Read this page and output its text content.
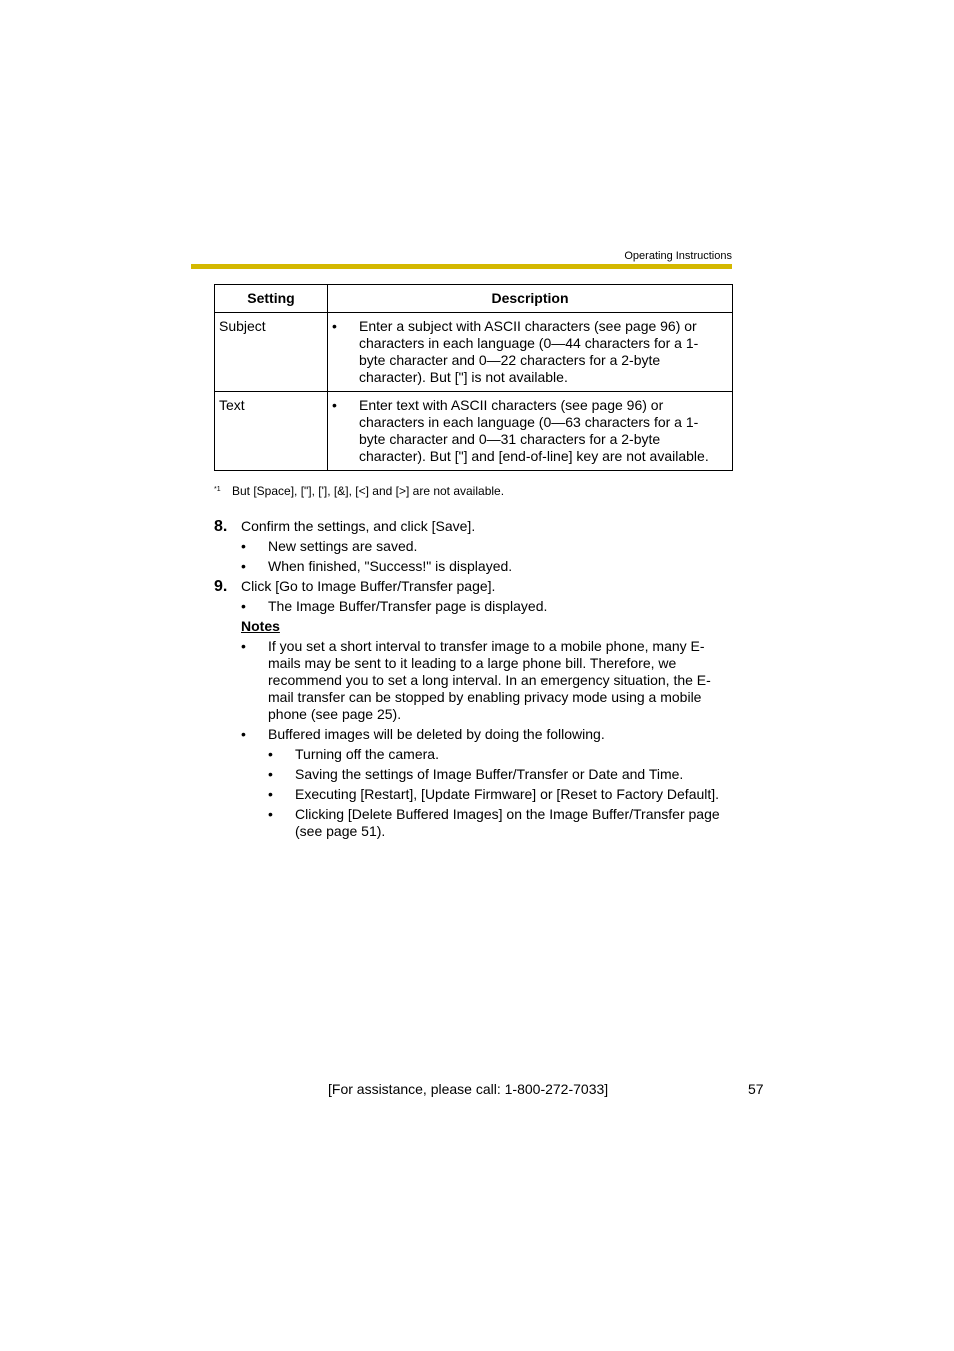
Operating Instructions
Setting	Description
Subject	• Enter a subject with ASCII characters (see page 96) or characters in each language (0—44 characters for a 1-byte character and 0—22 characters for a 2-byte character). But ["] is not available.

Text	• Enter text with ASCII characters (see page 96) or characters in each language (0—63 characters for a 1-byte character and 0—31 characters for a 2-byte character). But ["] and [end-of-line] key are not available.
*1 But [Space], ["], ['], [&], [<] and [>] are not available.
8. Confirm the settings, and click [Save].
•	New settings are saved.
•	When finished, "Success!" is displayed.
9. Click [Go to Image Buffer/Transfer page].
•	The Image Buffer/Transfer page is displayed.
Notes
•	If you set a short interval to transfer image to a mobile phone, many E-mails may be sent to it leading to a large phone bill. Therefore, we recommend you to set a long interval. In an emergency situation, the E-mail transfer can be stopped by enabling privacy mode using a mobile phone (see page 25).
•	Buffered images will be deleted by doing the following.
•	Turning off the camera.
•	Saving the settings of Image Buffer/Transfer or Date and Time.
•	Executing [Restart], [Update Firmware] or [Reset to Factory Default].
•	Clicking [Delete Buffered Images] on the Image Buffer/Transfer page (see page 51).
[For assistance, please call: 1-800-272-7033]	57
